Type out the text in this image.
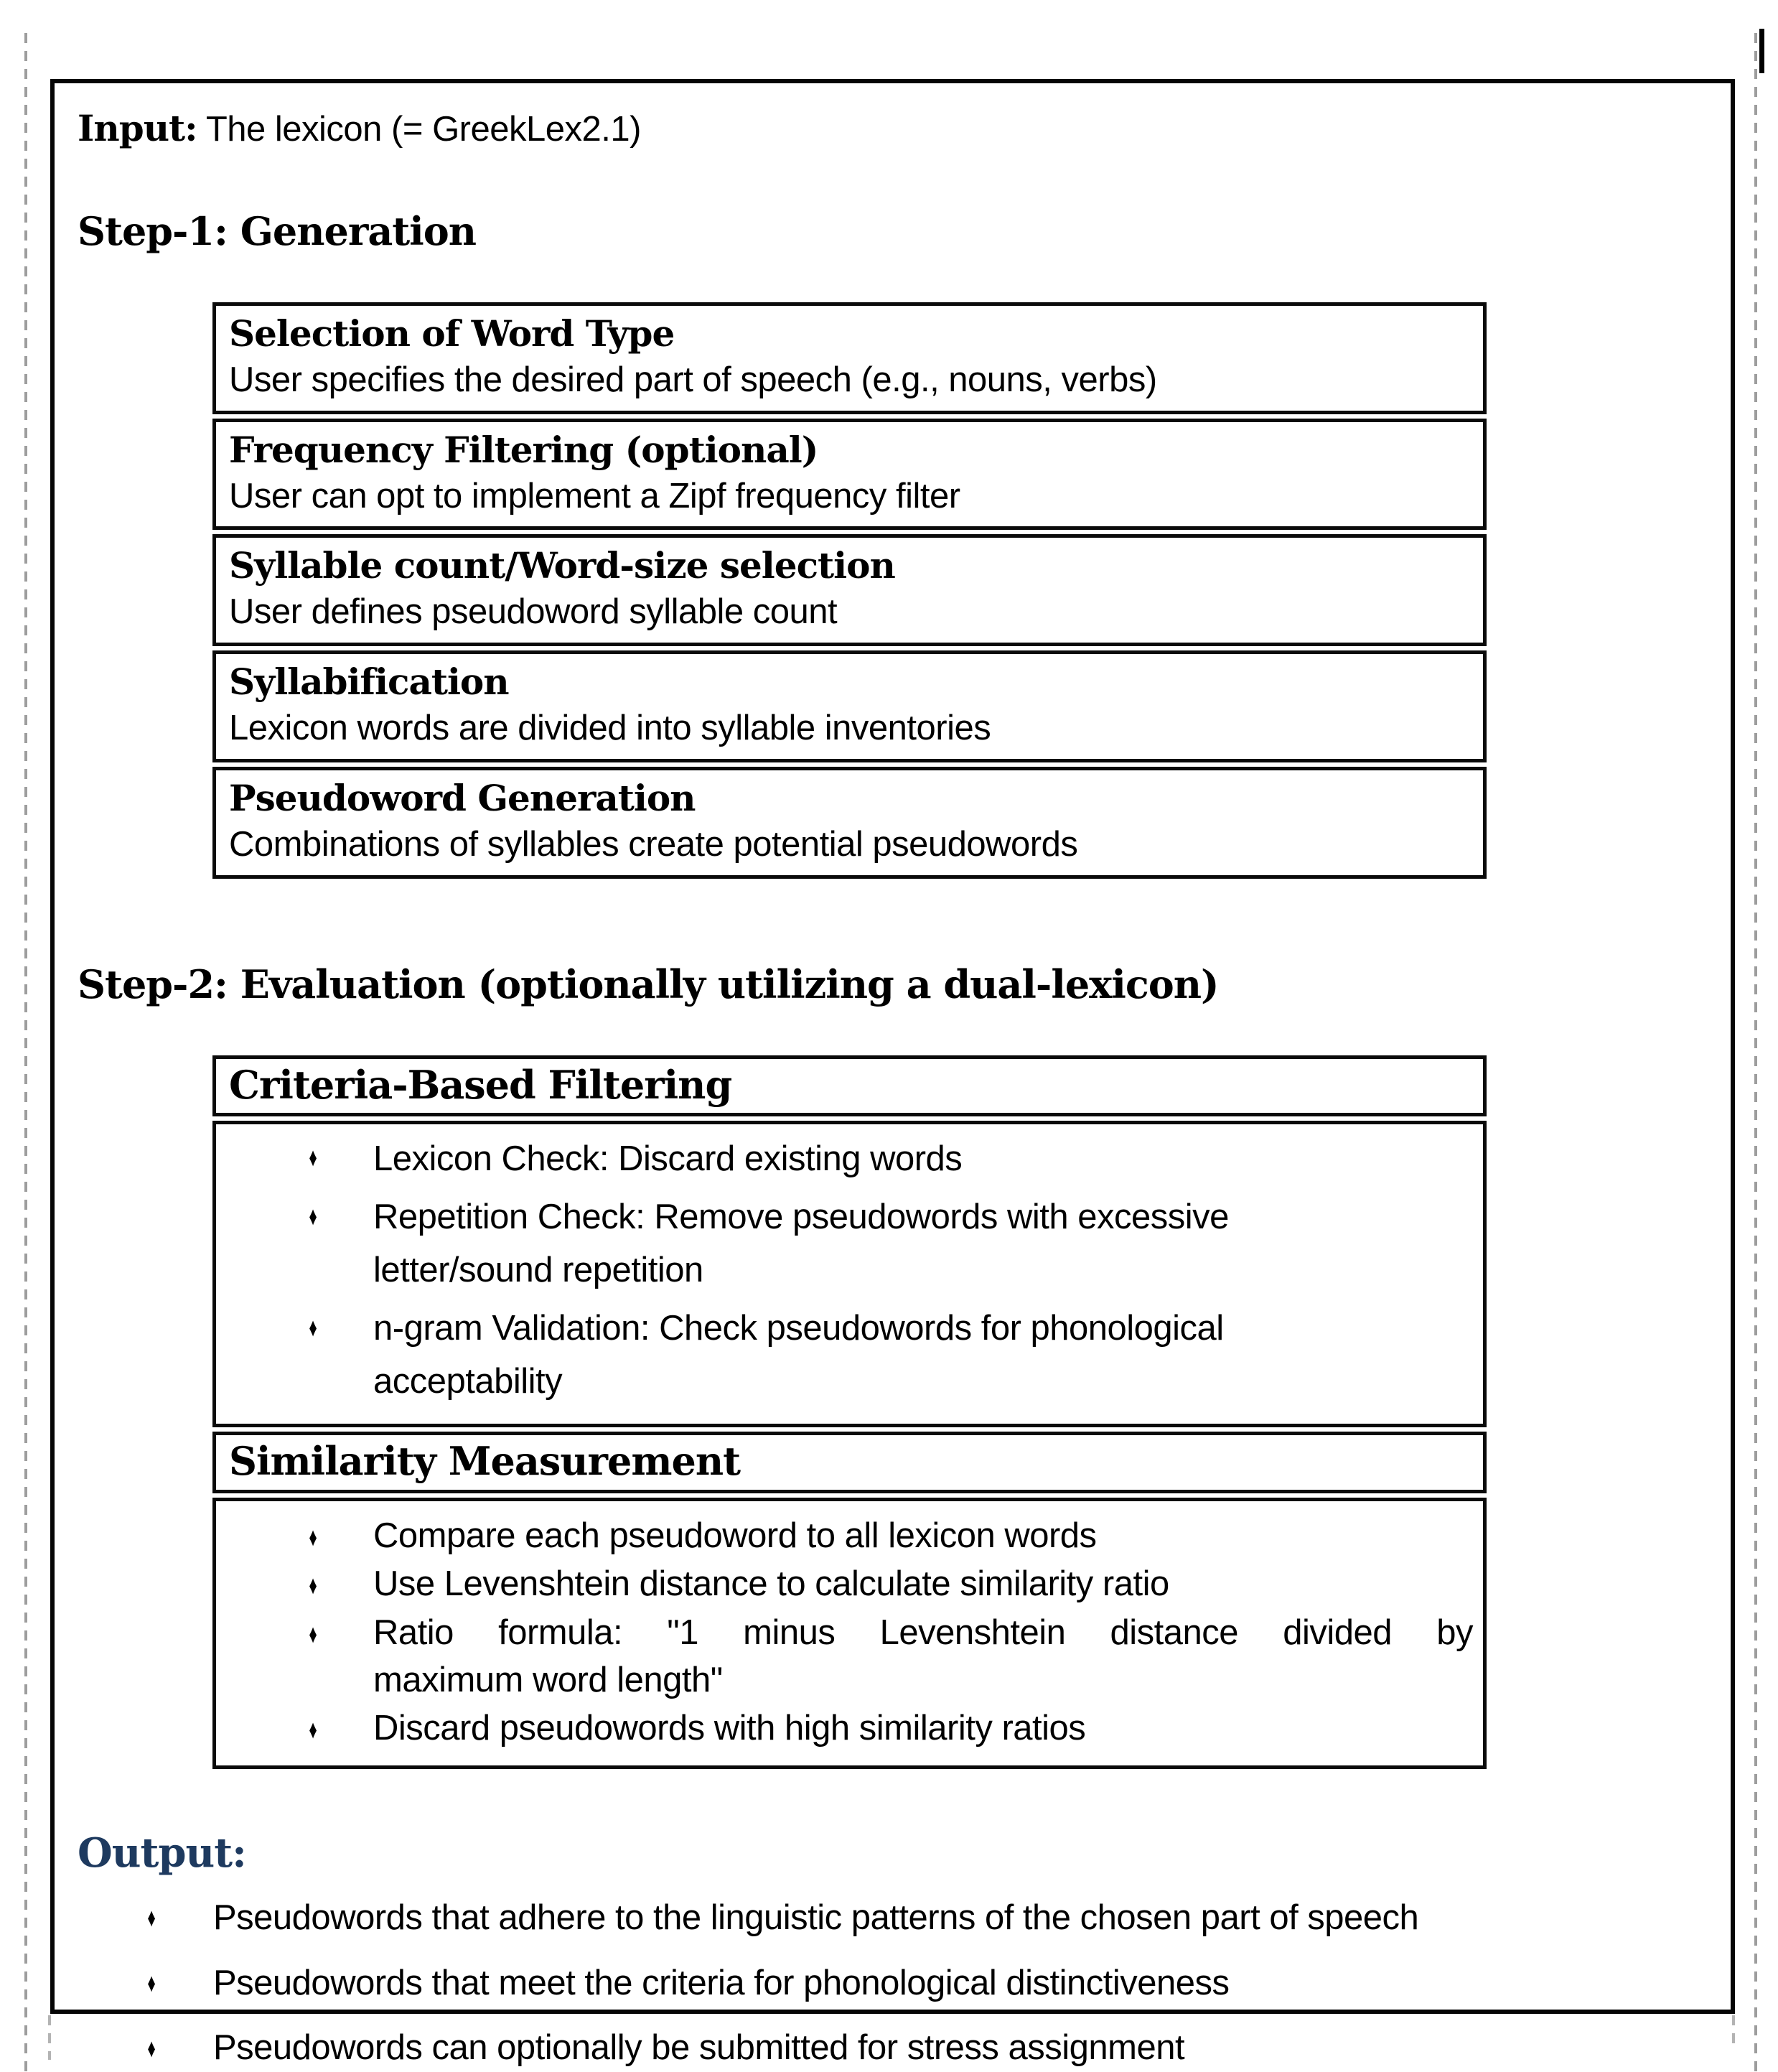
Input: The lexicon (= GreekLex2.1)
Step-1: Generation
Selection of Word Type
User specifies the desired part of speech (e.g., nouns, verbs)
Frequency Filtering (optional)
User can opt to implement a Zipf frequency filter
Syllable count/Word-size selection
User defines pseudoword syllable count
Syllabification
Lexicon words are divided into syllable inventories
Pseudoword Generation
Combinations of syllables create potential pseudowords
Step-2: Evaluation (optionally utilizing a dual-lexicon)
Criteria-Based Filtering
♦ Lexicon Check: Discard existing words
♦ Repetition Check: Remove pseudowords with excessive
letter/sound repetition
♦ n-gram Validation: Check pseudowords for phonological
acceptability
Similarity Measurement
♦ Compare each pseudoword to all lexicon words
♦ Use Levenshtein distance to calculate similarity ratio
♦ Ratio formula: "1 minus Levenshtein distance divided by
maximum word length"
♦ Discard pseudowords with high similarity ratios
Output:
♦ Pseudowords that adhere to the linguistic patterns of the chosen part of speech
♦ Pseudowords that meet the criteria for phonological distinctiveness
♦ Pseudowords can optionally be submitted for stress assignment
